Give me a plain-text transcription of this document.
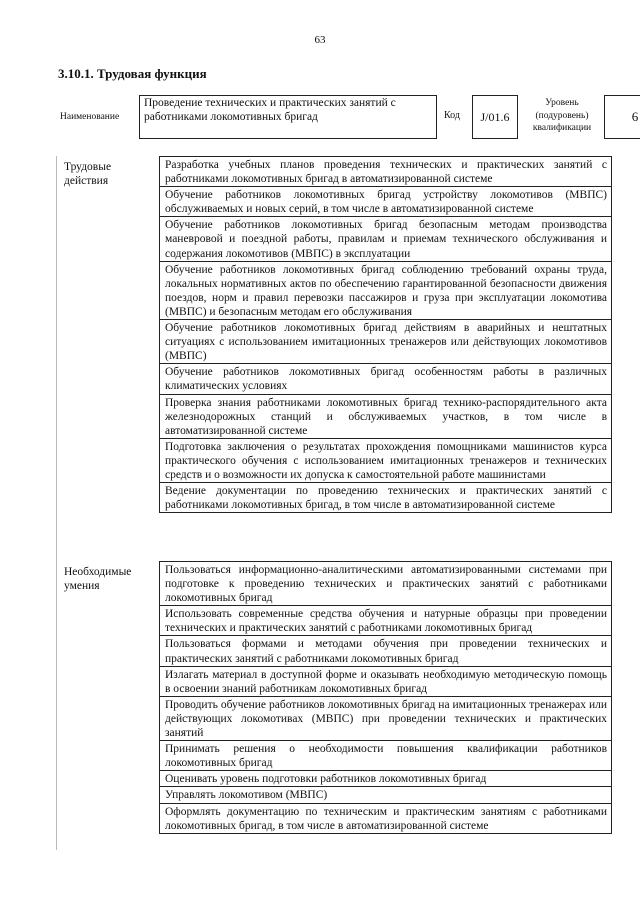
63
3.10.1. Трудовая функция
Наименование
Проведение технических и практических занятий с работниками локомотивных бригад	Код	J/01.6
Уровень (подуровень) квалификации
6
Трудовые действия
Разработка учебных планов проведения технических и практических занятий с работниками локомотивных бригад в автоматизированной системе
Обучение работников локомотивных бригад устройству локомотивов (МВПС) обслуживаемых и новых серий, в том числе в автоматизированной системе
Обучение работников локомотивных бригад безопасным методам производства маневровой и поездной работы, правилам и приемам технического обслуживания и содержания локомотивов (МВПС) в эксплуатации
Обучение работников локомотивных бригад соблюдению требований охраны труда, локальных нормативных актов по обеспечению гарантированной безопасности движения поездов, норм и правил перевозки пассажиров и груза при эксплуатации локомотива (МВПС) и безопасным методам его обслуживания
Обучение работников локомотивных бригад действиям в аварийных и нештатных ситуациях с использованием имитационных тренажеров или действующих локомотивов (МВПС)
Обучение работников локомотивных бригад особенностям работы в различных климатических условиях
Проверка знания работниками локомотивных бригад технико-распорядительного акта железнодорожных станций и обслуживаемых участков, в том числе в автоматизированной системе
Подготовка заключения о результатах прохождения помощниками машинистов курса практического обучения с использованием имитационных тренажеров и технических средств и о возможности их допуска к самостоятельной работе машинистами
Ведение документации по проведению технических и практических занятий с работниками локомотивных бригад, в том числе в автоматизированной системе
Необходимые умения
Пользоваться информационно-аналитическими автоматизированными системами при подготовке к проведению технических и практических занятий с работниками локомотивных бригад
Использовать современные средства обучения и натурные образцы при проведении технических и практических занятий с работниками локомотивных бригад
Пользоваться формами и методами обучения при проведении технических и практических занятий с работниками локомотивных бригад
Излагать материал в доступной форме и оказывать необходимую методическую помощь в освоении знаний работникам локомотивных бригад
Проводить обучение работников локомотивных бригад на имитационных тренажерах или действующих локомотивах (МВПС) при проведении технических и практических занятий
Принимать решения о необходимости повышения квалификации работников локомотивных бригад
Оценивать уровень подготовки работников локомотивных бригад
Управлять локомотивом (МВПС)
Оформлять документацию по техническим и практическим занятиям с работниками локомотивных бригад, в том числе в автоматизированной системе
